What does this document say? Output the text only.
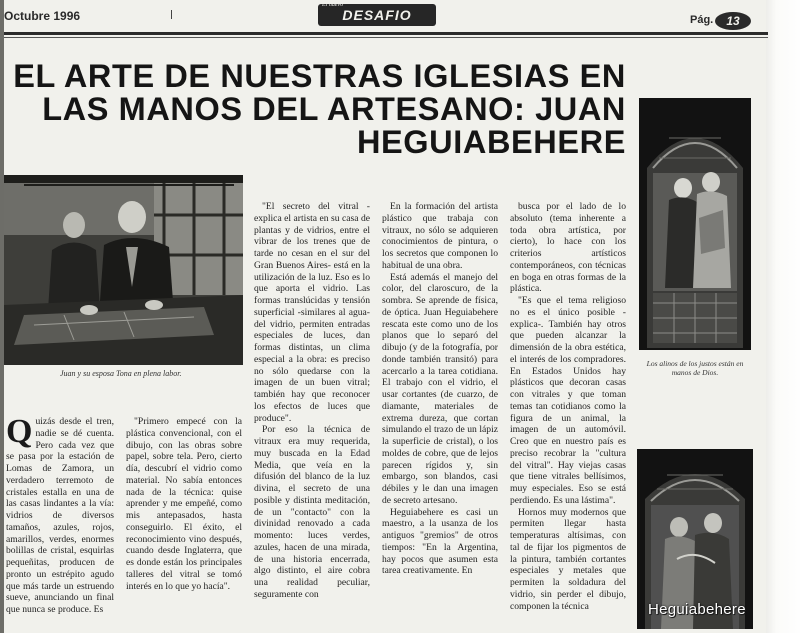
Octubre 1996	DESAFIO
El nuevo
Pág.	13
EL ARTE DE NUESTRAS IGLESIAS EN
LAS MANOS DEL ARTESANO: JUAN
HEGUIABEHERE
Juan y su esposa Tona en plena labor.

Quizás desde el tren, nadie se dé cuenta. Pero cada vez que se pasa por la estación de Lomas de Zamora, un verdadero terremoto de cristales estalla en una de las casas lindantes a la vía: vidrios de diversos tamaños, azules, rojos, amarillos, verdes, enormes bolillas de cristal, esquirlas pequeñitas, producen de pronto un estrépito agudo que más tarde un estruendo sueve, anunciando un final que nunca se produce. Es

"Primero empecé con la plástica convencional, con el dibujo, con las obras sobre papel, sobre tela. Pero, cierto día, descubrí el vidrio como material. No sabía entonces nada de la técnica: quise aprender y me empeñé, como mis antepasados, hasta conseguirlo. El éxito, el reconocimiento vino después, cuando desde Inglaterra, que es donde están los principales talleres del vitral se tomó interés en lo que yo hacía".

"El secreto del vitral -explica el artista en su casa de plantas y de vidrios, entre el vibrar de los trenes que de tarde no cesan en el sur del Gran Buenos Aires- está en la utilización de la luz. Eso es lo que aporta el vidrio. Las formas translúcidas y tensión superficial -similares al agua- del vidrio, permiten entradas especiales de luces, dan formas distintas, un clima especial a la obra: es preciso no sólo quedarse con la imagen de un buen vitral; también hay que reconocer los efectos de luces que produce".

Por eso la técnica de vitraux era muy requerida, muy buscada en la Edad Media, que veía en la difusión del blanco de la luz divina, el secreto de una posible y distinta meditación, de un "contacto" con la divinidad renovado a cada momento: luces verdes, azules, hacen de una mirada, de una historia encerrada, algo distinto, el aire cobra una realidad peculiar, seguramente con

En la formación del artista plástico que trabaja con vitraux, no sólo se adquieren conocimientos de pintura, o los secretos que componen lo habitual de una obra.

Está además el manejo del color, del claroscuro, de la sombra. Se aprende de física, de óptica. Juan Heguiabehere rescata este como uno de los planos que lo separó del dibujo (y de la fotografía, por donde también transitó) para acercarlo a la tarea cotidiana. El trabajo con el vidrio, el usar cortantes (de cuarzo, de diamante, materiales de extrema dureza, que cortan simulando el trazo de un lápiz la superficie de cristal), o los moldes de cobre, que de lejos parecen rígidos y, sin embargo, son blandos, casi débiles y le dan una imagen de secreto artesano.

Heguiabehere es casi un maestro, a la usanza de los antiguos "gremios" de otros tiempos: "En la Argentina, hay pocos que asumen esta tarea creativamente. En

busca por el lado de lo absoluto (tema inherente a toda obra artística, por cierto), lo hace con los criterios artísticos contemporáneos, con técnicas en boga en otras formas de la plástica.

"Es que el tema religioso no es el único posible -explica-. También hay otros que pueden alcanzar la dimensión de la obra estética, el interés de los compradores. En Estados Unidos hay plásticos que decoran casas con vitrales y que toman temas tan cotidianos como la figura de un animal, la imagen de un automóvil. Creo que en nuestro país es preciso recobrar la "cultura del vitral". Hay viejas casas que tiene vitrales bellísimos, muy especiales. Eso se está perdiendo. Es una lástima".

Hornos muy modernos que permiten llegar hasta temperaturas altísimas, con tal de fijar los pigmentos de la pintura, también cortantes especiales y metales que permiten la soldadura del vidrio, sin perder el dibujo, componen la técnica

Los alinos de los justos están en manos de Dios.
Heguiabehere
